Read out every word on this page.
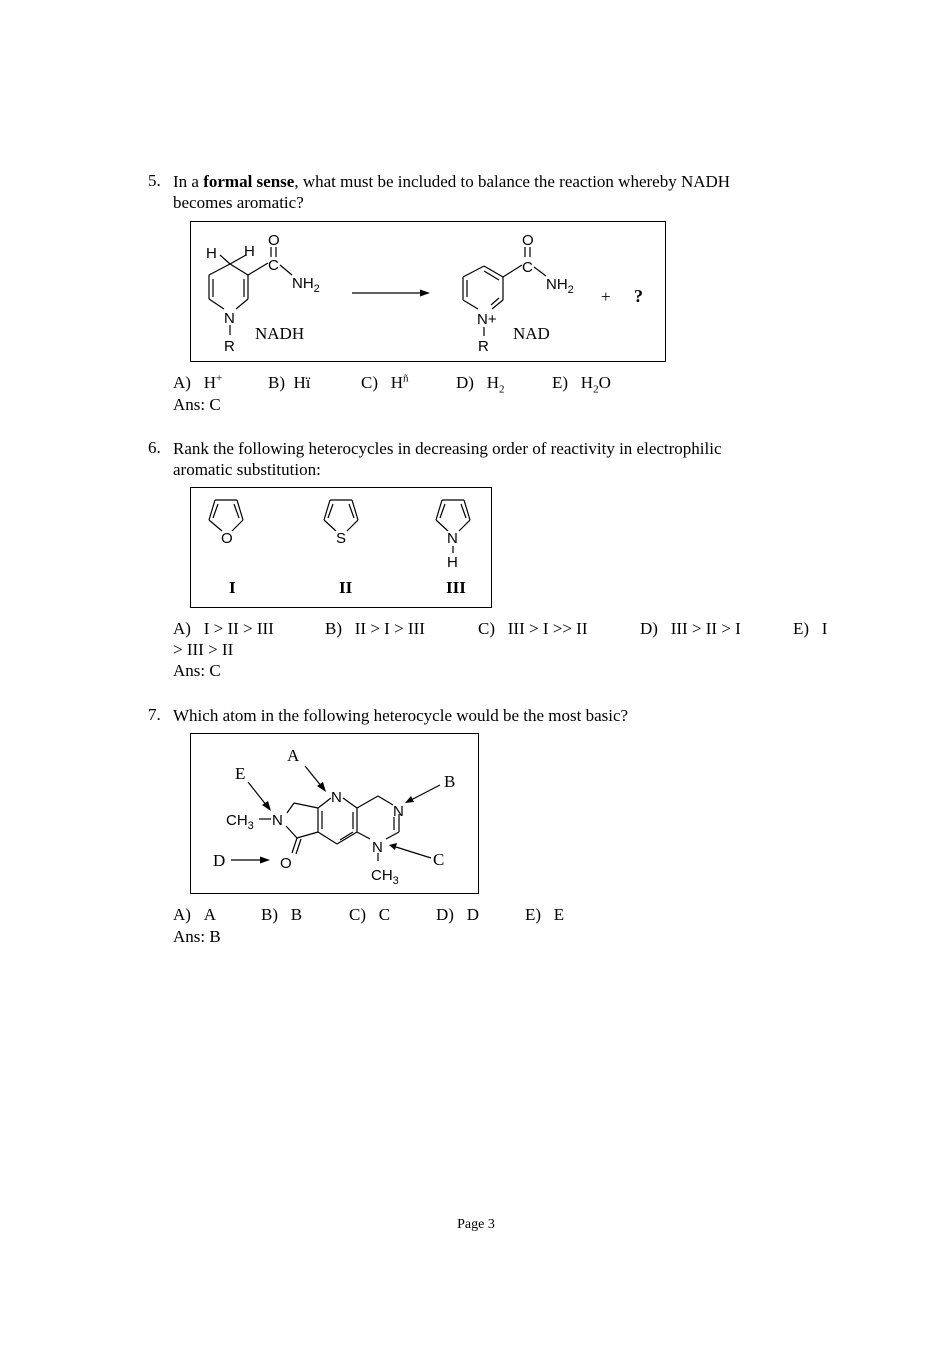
5. In a formal sense, what must be included to balance the reaction whereby NADH
becomes aromatic?
H H
O
C
$NH_2$
N
R
O
C
$NH_2$
N+
R
NADH	NAD
+ ?
A) H+	B) Hï	C) $H^ñ$	D) $H_2$	E) $H_2O$
Ans: C
6. Rank the following heterocycles in decreasing order of reactivity in electrophilic
aromatic substitution:
O	S	N
H
I	II	III
A) I > II > III	B) II > I > III	C) III > I >> II	D) III > II > I	E) I
> III > II
Ans: C
7. Which atom in the following heterocycle would be the most basic?
N
N
N
N
O
$CH_3$
$CH_3$
A
B
C
D
E
A) A	B) B	C) C	D) D	E) E
Ans: B
Page 3
